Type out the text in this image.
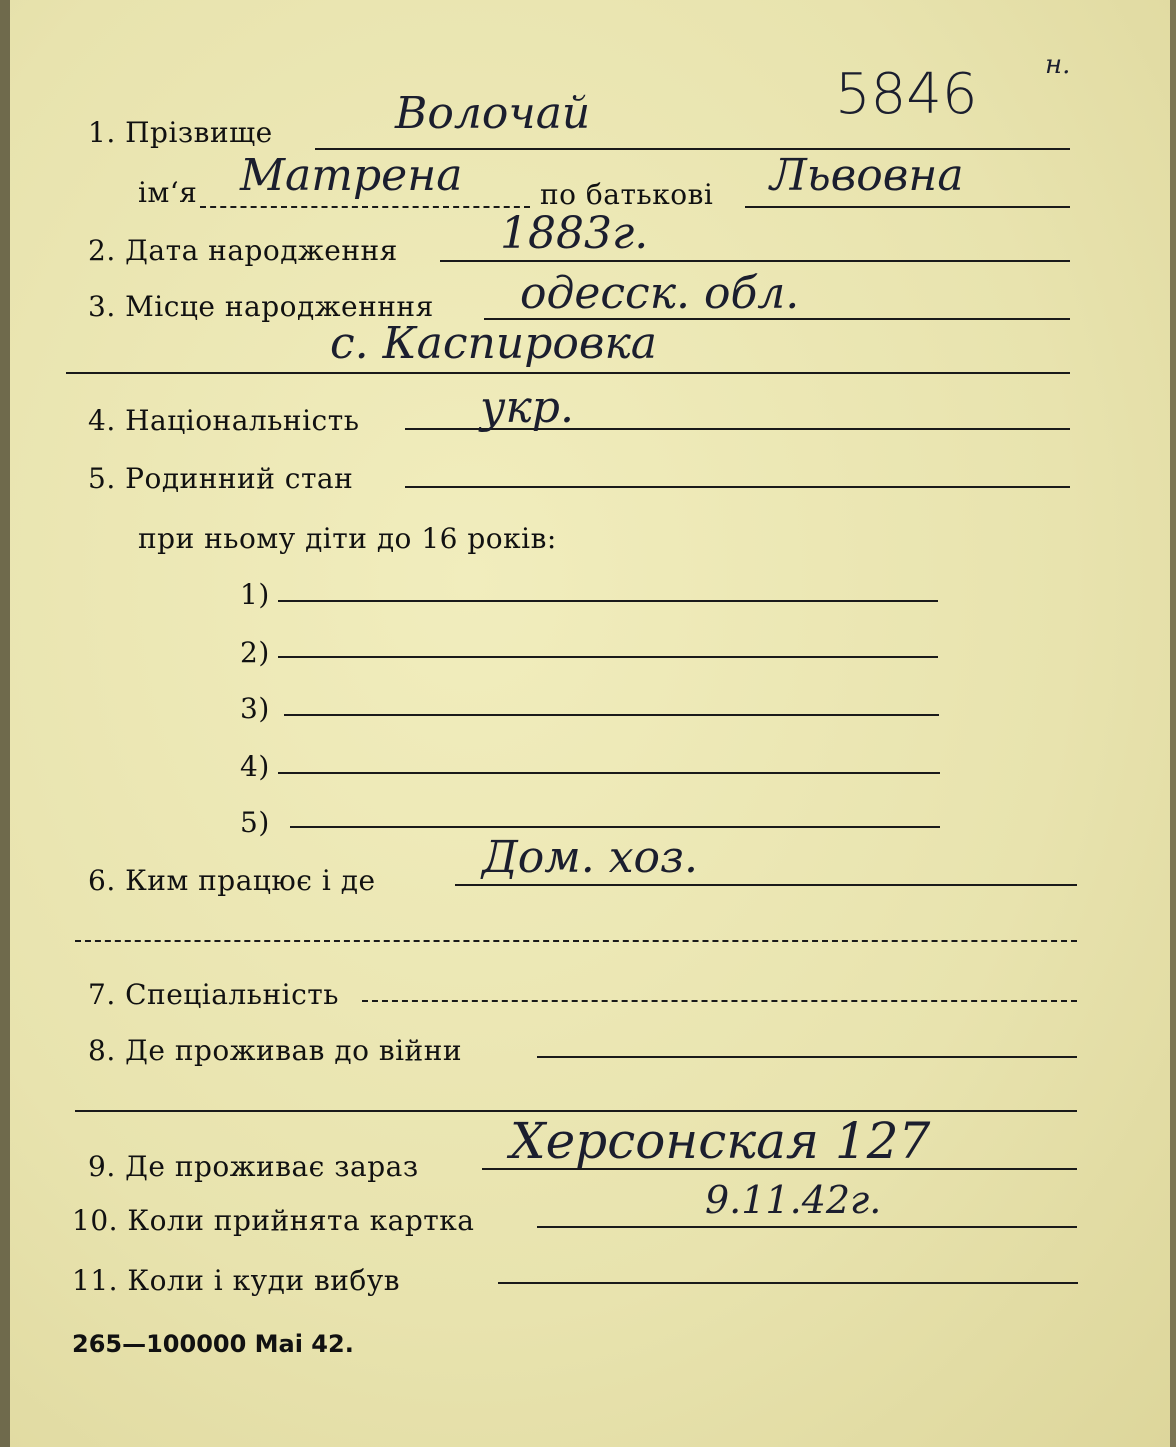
5846	н.
1. Прізвище	Волочай
ім‘я Матрена	по батькові Львовна
2. Дата народження 1883г.
3. Місце народженння одесск. обл.
с. Каспировка
4. Національність	укр.
5. Родинний стан
при ньому діти до 16 років:
1)
2)
3)
4)
5)
6. Ким працює і де Дом. хоз.
7. Спеціальність
8. Де проживав до війни
9. Де проживає зараз Херсонская 127
10. Коли прийнята картка	9.11.42г.
11. Коли і куди вибув
265—100000 Mai 42.
